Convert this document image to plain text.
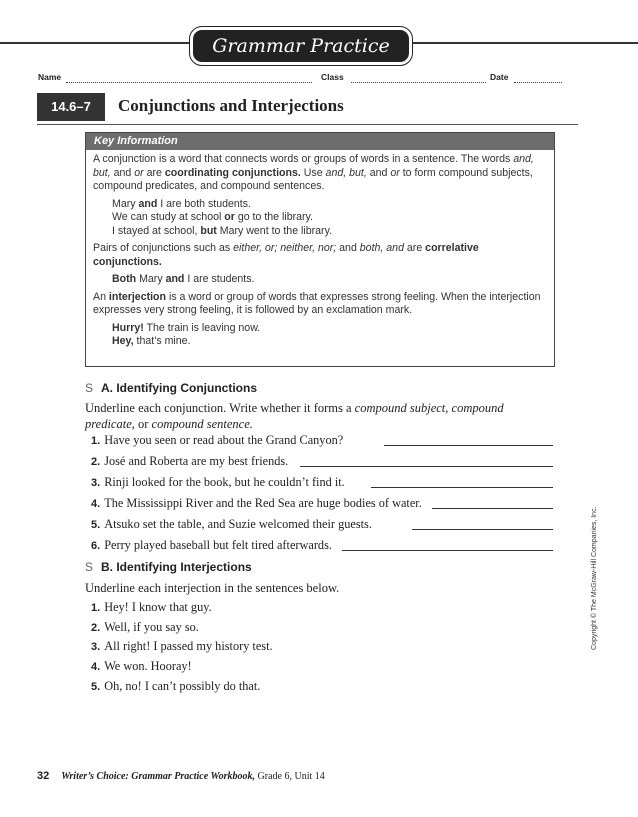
Grammar Practice
Name	Class	Date
14.6–7	Conjunctions and Interjections
Key Information

A conjunction is a word that connects words or groups of words in a sentence. The words and, but, and or are coordinating conjunctions. Use and, but, and or to form compound subjects, compound predicates, and compound sentences.

Mary and I are both students.
We can study at school or go to the library.
I stayed at school, but Mary went to the library.

Pairs of conjunctions such as either, or; neither, nor; and both, and are correlative conjunctions.

Both Mary and I are students.

An interjection is a word or group of words that expresses strong feeling. When the interjection expresses very strong feeling, it is followed by an exclamation mark.

Hurry! The train is leaving now.
Hey, that’s mine.
S A. Identifying Conjunctions
Underline each conjunction. Write whether it forms a compound subject, compound predicate, or compound sentence.
1. Have you seen or read about the Grand Canyon?
2. José and Roberta are my best friends.
3. Rinji looked for the book, but he couldn’t find it.
4. The Mississippi River and the Red Sea are huge bodies of water.
5. Atsuko set the table, and Suzie welcomed their guests.
6. Perry played baseball but felt tired afterwards.
S B. Identifying Interjections
Underline each interjection in the sentences below.
1. Hey! I know that guy.
2. Well, if you say so.
3. All right! I passed my history test.
4. We won. Hooray!
5. Oh, no! I can’t possibly do that.
Copyright © The McGraw-Hill Companies, Inc.
32 Writer’s Choice: Grammar Practice Workbook, Grade 6, Unit 14
